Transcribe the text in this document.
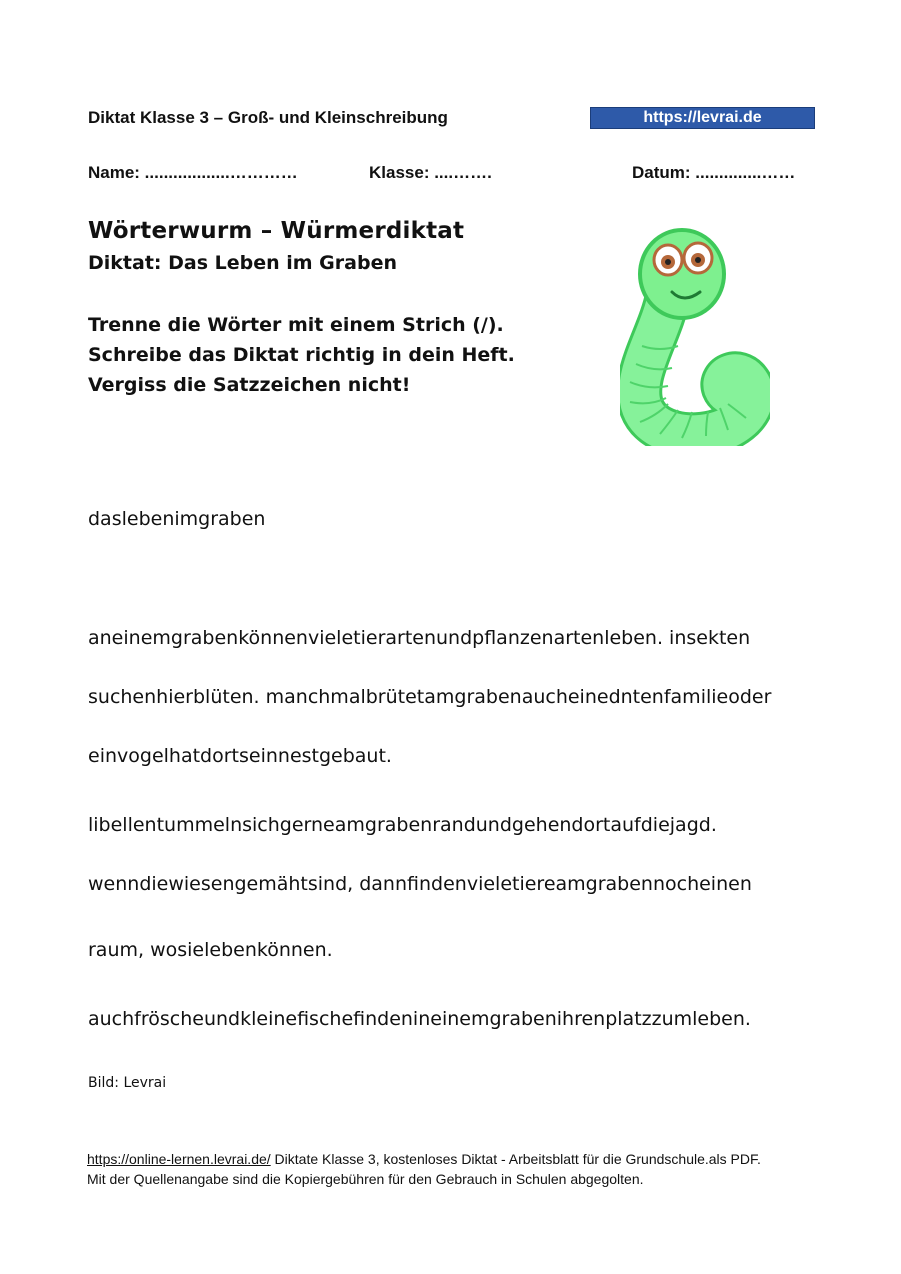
Diktat Klasse 3 – Groß- und Kleinschreibung	https://levrai.de
Name: ..................…………	Klasse: ....…….	Datum: ..............……
Wörterwurm – Würmerdiktat
Diktat: Das Leben im Graben
Trenne die Wörter mit einem Strich (/).
Schreibe das Diktat richtig in dein Heft.
Vergiss die Satzzeichen nicht!
daslebenimgraben
aneinemgrabenkönnenvieletierartenundpflanzenartenleben. insekten
suchenhierblüten. manchmalbrütetamgrabenaucheinedntenfamilieoder
einvogelhatdortseinnestgebaut.
libellentummelnsichgerneamgrabenrandundgehendortaufdiejagd.
wenndiewiesengemähtsind, dannfindenvieletiereamgrabennocheinen
raum, wosielebenkönnen.
auchfröscheundkleinefischefindenineinemgrabenihrenplatzzumleben.
Bild: Levrai
https://online-lernen.levrai.de/ Diktate Klasse 3, kostenloses Diktat - Arbeitsblatt für die Grundschule.als PDF.
Mit der Quellenangabe sind die Kopiergebühren für den Gebrauch in Schulen abgegolten.
